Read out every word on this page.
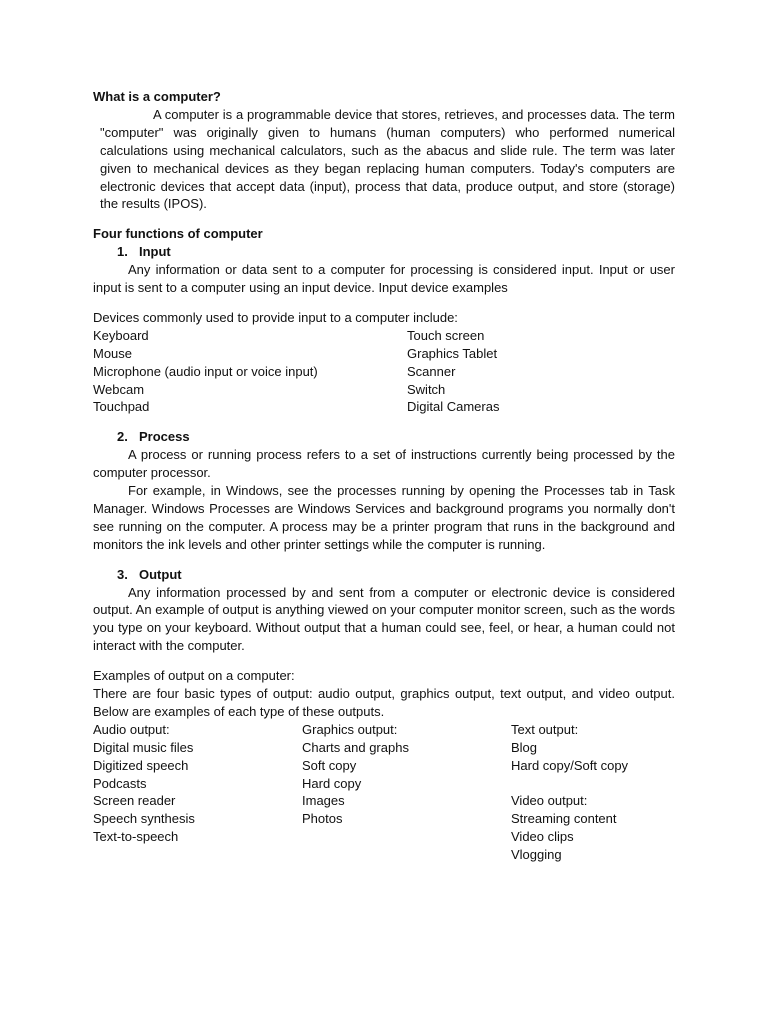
What is a computer?

A computer is a programmable device that stores, retrieves, and processes data. The term "computer" was originally given to humans (human computers) who performed numerical calculations using mechanical calculators, such as the abacus and slide rule. The term was later given to mechanical devices as they began replacing human computers. Today's computers are electronic devices that accept data (input), process that data, produce output, and store (storage) the results (IPOS).

Four functions of computer

1. Input

Any information or data sent to a computer for processing is considered input. Input or user input is sent to a computer using an input device. Input device examples

Devices commonly used to provide input to a computer include:

Keyboard
Mouse
Microphone (audio input or voice input)
Webcam
Touchpad
Touch screen
Graphics Tablet
Scanner
Switch
Digital Cameras
2. Process

A process or running process refers to a set of instructions currently being processed by the computer processor.

For example, in Windows, see the processes running by opening the Processes tab in Task Manager. Windows Processes are Windows Services and background programs you normally don't see running on the computer. A process may be a printer program that runs in the background and monitors the ink levels and other printer settings while the computer is running.

3. Output

Any information processed by and sent from a computer or electronic device is considered output. An example of output is anything viewed on your computer monitor screen, such as the words you type on your keyboard. Without output that a human could see, feel, or hear, a human could not interact with the computer.

Examples of output on a computer:

There are four basic types of output: audio output, graphics output, text output, and video output. Below are examples of each type of these outputs.

Audio output:
Digital music files
Digitized speech
Podcasts
Screen reader
Speech synthesis
Text-to-speech
Graphics output:
Charts and graphs
Soft copy
Hard copy
Images
Photos
Text output:
Blog
Hard copy/Soft copy
Video output:
Streaming content
Video clips
Vlogging
